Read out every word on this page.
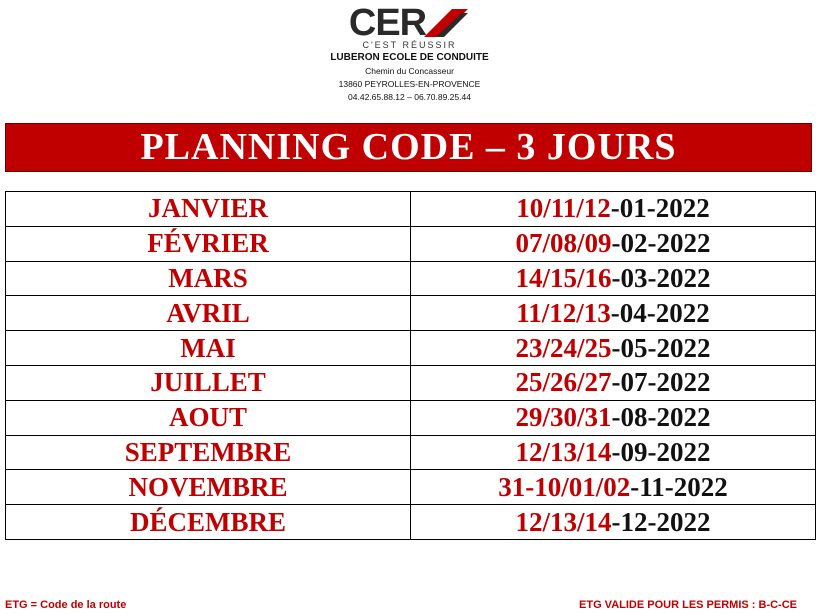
CER
C'EST RÉUSSIR
LUBERON ECOLE DE CONDUITE
Chemin du Concasseur
13860 PEYROLLES-EN-PROVENCE
04.42.65.88.12 – 06.70.89.25.44
PLANNING CODE – 3 JOURS
JANVIER	10/11/12-01-2022
FÉVRIER	07/08/09-02-2022
MARS	14/15/16-03-2022
AVRIL	11/12/13-04-2022
MAI	23/24/25-05-2022
JUILLET	25/26/27-07-2022
AOUT	29/30/31-08-2022
SEPTEMBRE	12/13/14-09-2022
NOVEMBRE	31-10/01/02-11-2022
DÉCEMBRE	12/13/14-12-2022
ETG = Code de la route	ETG VALIDE POUR LES PERMIS : B-C-CE
